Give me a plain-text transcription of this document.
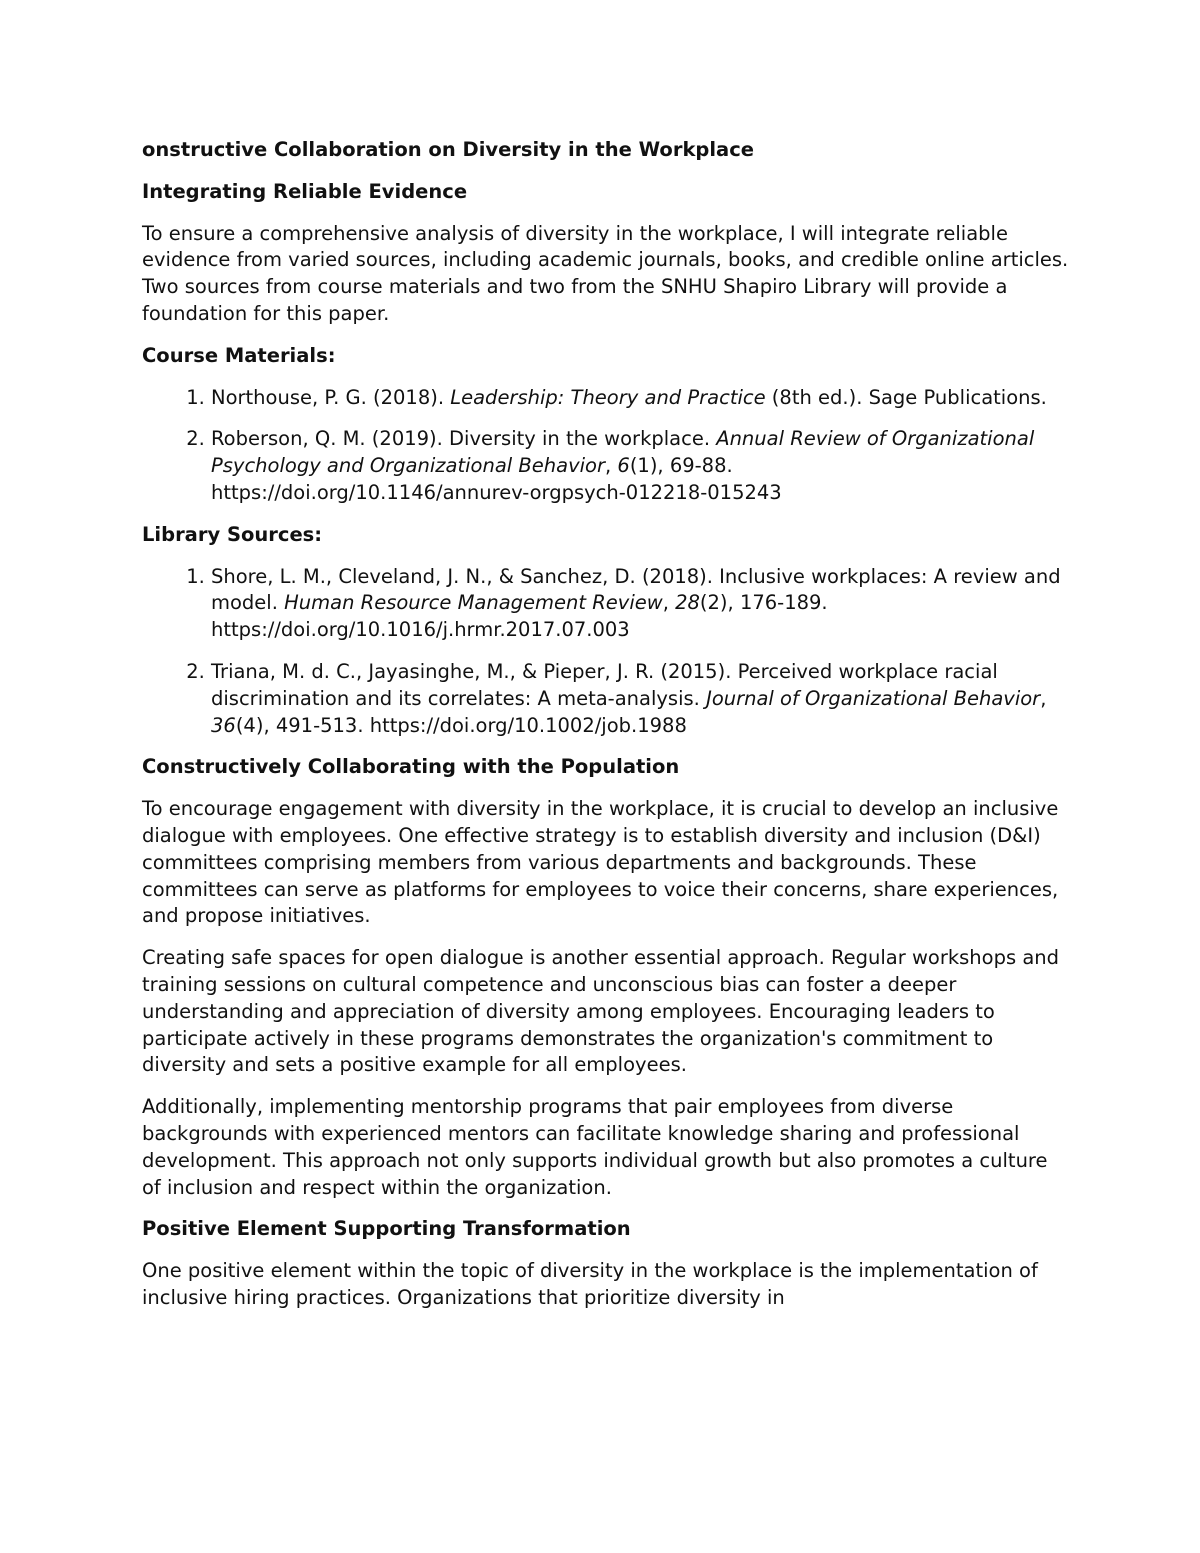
onstructive Collaboration on Diversity in the Workplace
Integrating Reliable Evidence

To ensure a comprehensive analysis of diversity in the workplace, I will integrate reliable evidence from varied sources, including academic journals, books, and credible online articles. Two sources from course materials and two from the SNHU Shapiro Library will provide a foundation for this paper.

Course Materials:
1. Northouse, P. G. (2018). Leadership: Theory and Practice (8th ed.). Sage Publications.
2. Roberson, Q. M. (2019). Diversity in the workplace. Annual Review of Organizational Psychology and Organizational Behavior, 6(1), 69-88.
https://doi.org/10.1146/annurev-orgpsych-012218-015243
Library Sources:
1. Shore, L. M., Cleveland, J. N., & Sanchez, D. (2018). Inclusive workplaces: A review and model. Human Resource Management Review, 28(2), 176-189.
https://doi.org/10.1016/j.hrmr.2017.07.003
2. Triana, M. d. C., Jayasinghe, M., & Pieper, J. R. (2015). Perceived workplace racial discrimination and its correlates: A meta-analysis. Journal of Organizational Behavior, 36(4), 491-513. https://doi.org/10.1002/job.1988
Constructively Collaborating with the Population

To encourage engagement with diversity in the workplace, it is crucial to develop an inclusive dialogue with employees. One effective strategy is to establish diversity and inclusion (D&I) committees comprising members from various departments and backgrounds. These committees can serve as platforms for employees to voice their concerns, share experiences, and propose initiatives.

Creating safe spaces for open dialogue is another essential approach. Regular workshops and training sessions on cultural competence and unconscious bias can foster a deeper understanding and appreciation of diversity among employees. Encouraging leaders to participate actively in these programs demonstrates the organization's commitment to diversity and sets a positive example for all employees.

Additionally, implementing mentorship programs that pair employees from diverse backgrounds with experienced mentors can facilitate knowledge sharing and professional development. This approach not only supports individual growth but also promotes a culture of inclusion and respect within the organization.

Positive Element Supporting Transformation

One positive element within the topic of diversity in the workplace is the implementation of inclusive hiring practices. Organizations that prioritize diversity in
